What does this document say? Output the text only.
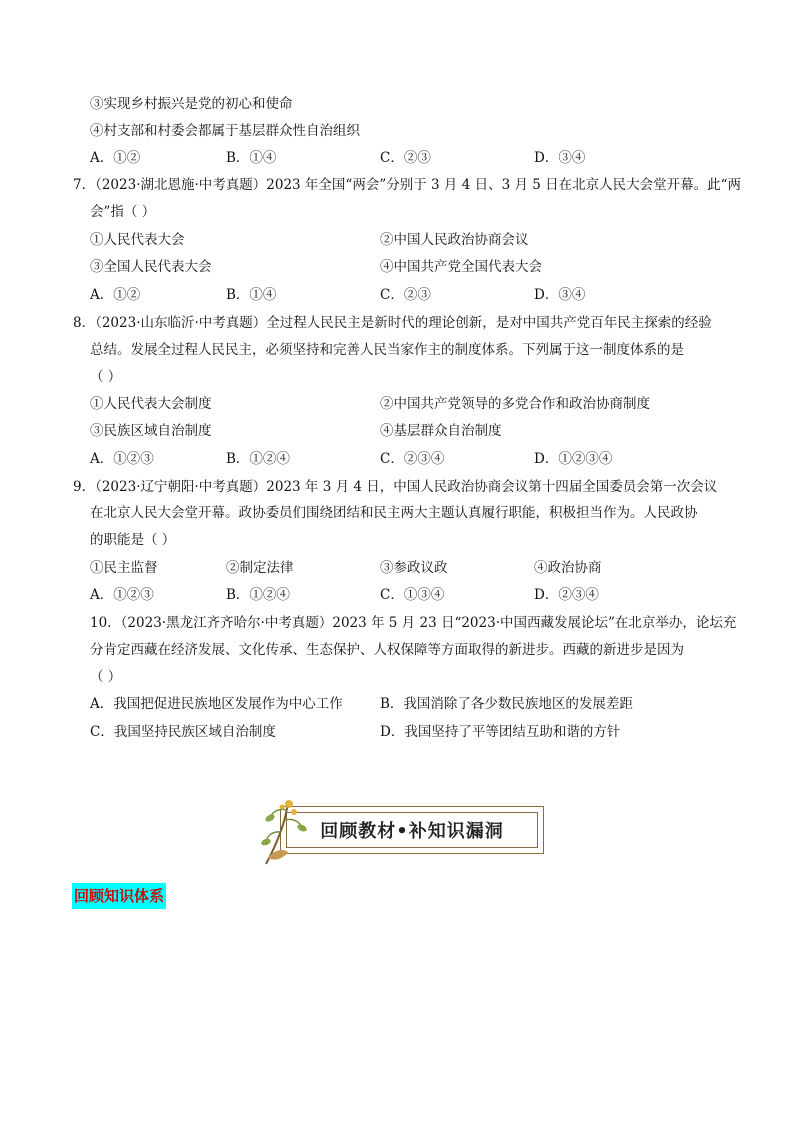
③实现乡村振兴是党的初心和使命
④村支部和村委会都属于基层群众性自治组织
A．①②	B．①④	C．②③	D．③④
7．（2023·湖北恩施·中考真题）2023 年全国“两会”分别于 3 月 4 日、3 月 5 日在北京人民大会堂开幕。此“两
会”指（ ）
①人民代表大会	②中国人民政治协商会议
③全国人民代表大会	④中国共产党全国代表大会
A．①②	B．①④	C．②③	D．③④
8．（2023·山东临沂·中考真题）全过程人民民主是新时代的理论创新，是对中国共产党百年民主探索的经验
总结。发展全过程人民民主，必须坚持和完善人民当家作主的制度体系。下列属于这一制度体系的是
（ ）
①人民代表大会制度	②中国共产党领导的多党合作和政治协商制度
③民族区域自治制度	④基层群众自治制度
A．①②③	B．①②④	C．②③④	D．①②③④
9．（2023·辽宁朝阳·中考真题）2023 年 3 月 4 日，中国人民政治协商会议第十四届全国委员会第一次会议
在北京人民大会堂开幕。政协委员们围绕团结和民主两大主题认真履行职能，积极担当作为。人民政协
的职能是（ ）
①民主监督	②制定法律	③参政议政	④政治协商
A．①②③	B．①②④	C．①③④	D．②③④
10．（2023·黑龙江齐齐哈尔·中考真题）2023 年 5 月 23 日“2023·中国西藏发展论坛”在北京举办，论坛充
分肯定西藏在经济发展、文化传承、生态保护、人权保障等方面取得的新进步。西藏的新进步是因为
（ ）
A．我国把促进民族地区发展作为中心工作	B．我国消除了各少数民族地区的发展差距
C．我国坚持民族区域自治制度	D．我国坚持了平等团结互助和谐的方针
回顾教材•补知识漏洞
回顾知识体系
